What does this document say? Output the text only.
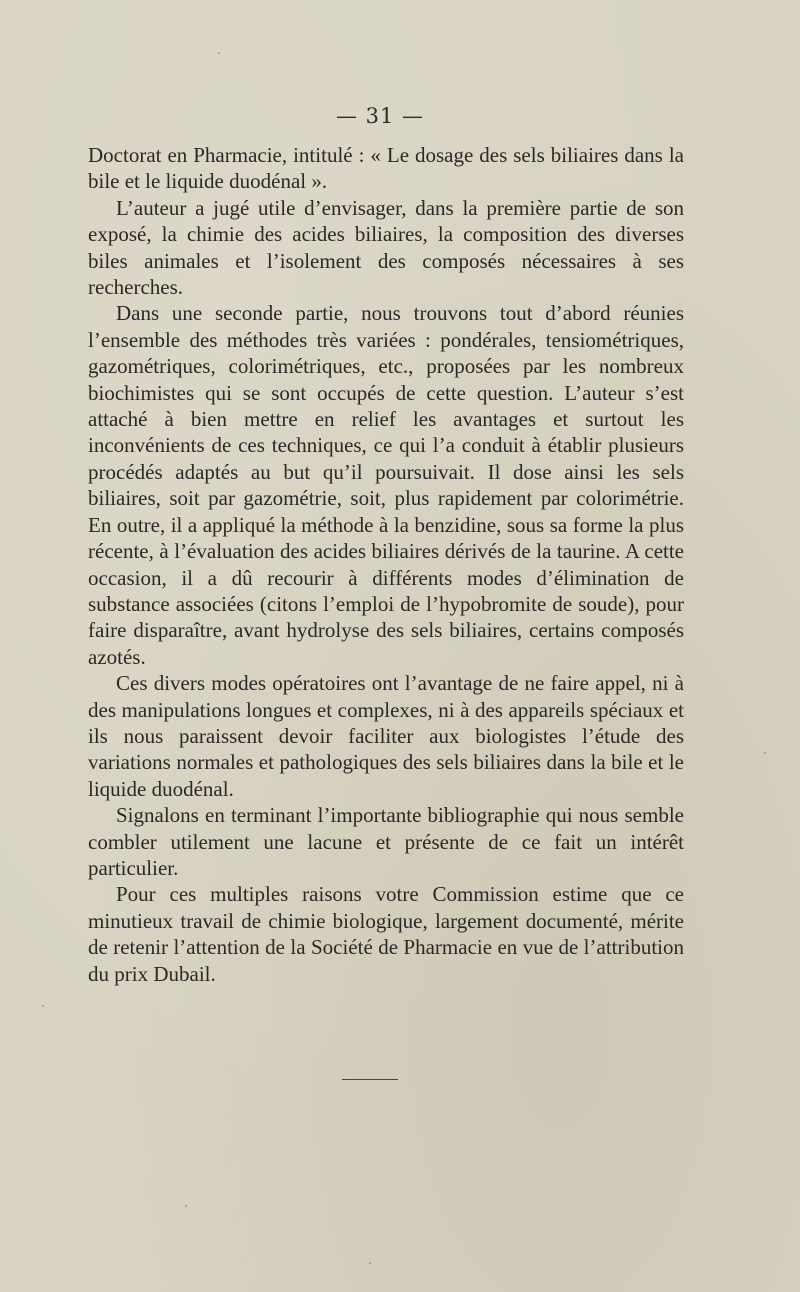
— 31 —

Doctorat en Pharmacie, intitulé : « Le dosage des sels biliaires dans la bile et le liquide duodénal ».

L’auteur a jugé utile d’envisager, dans la première partie de son exposé, la chimie des acides biliaires, la composition des diverses biles animales et l’isolement des composés nécessaires à ses recherches.

Dans une seconde partie, nous trouvons tout d’abord réunies l’ensemble des méthodes très variées : pondérales, tensiométriques, gazométriques, colorimétriques, etc., proposées par les nombreux biochimistes qui se sont occupés de cette question. L’auteur s’est attaché à bien mettre en relief les avantages et surtout les inconvénients de ces techniques, ce qui l’a conduit à établir plusieurs procédés adaptés au but qu’il poursuivait. Il dose ainsi les sels biliaires, soit par gazométrie, soit, plus rapidement par colorimétrie. En outre, il a appliqué la méthode à la benzidine, sous sa forme la plus récente, à l’évaluation des acides biliaires dérivés de la taurine. A cette occasion, il a dû recourir à différents modes d’élimination de substance associées (citons l’emploi de l’hypobromite de soude), pour faire disparaître, avant hydrolyse des sels biliaires, certains composés azotés.

Ces divers modes opératoires ont l’avantage de ne faire appel, ni à des manipulations longues et complexes, ni à des appareils spéciaux et ils nous paraissent devoir faciliter aux biologistes l’étude des variations normales et pathologiques des sels biliaires dans la bile et le liquide duodénal.

Signalons en terminant l’importante bibliographie qui nous semble combler utilement une lacune et présente de ce fait un intérêt particulier.

Pour ces multiples raisons votre Commission estime que ce minutieux travail de chimie biologique, largement documenté, mérite de retenir l’attention de la Société de Pharmacie en vue de l’attribution du prix Dubail.
